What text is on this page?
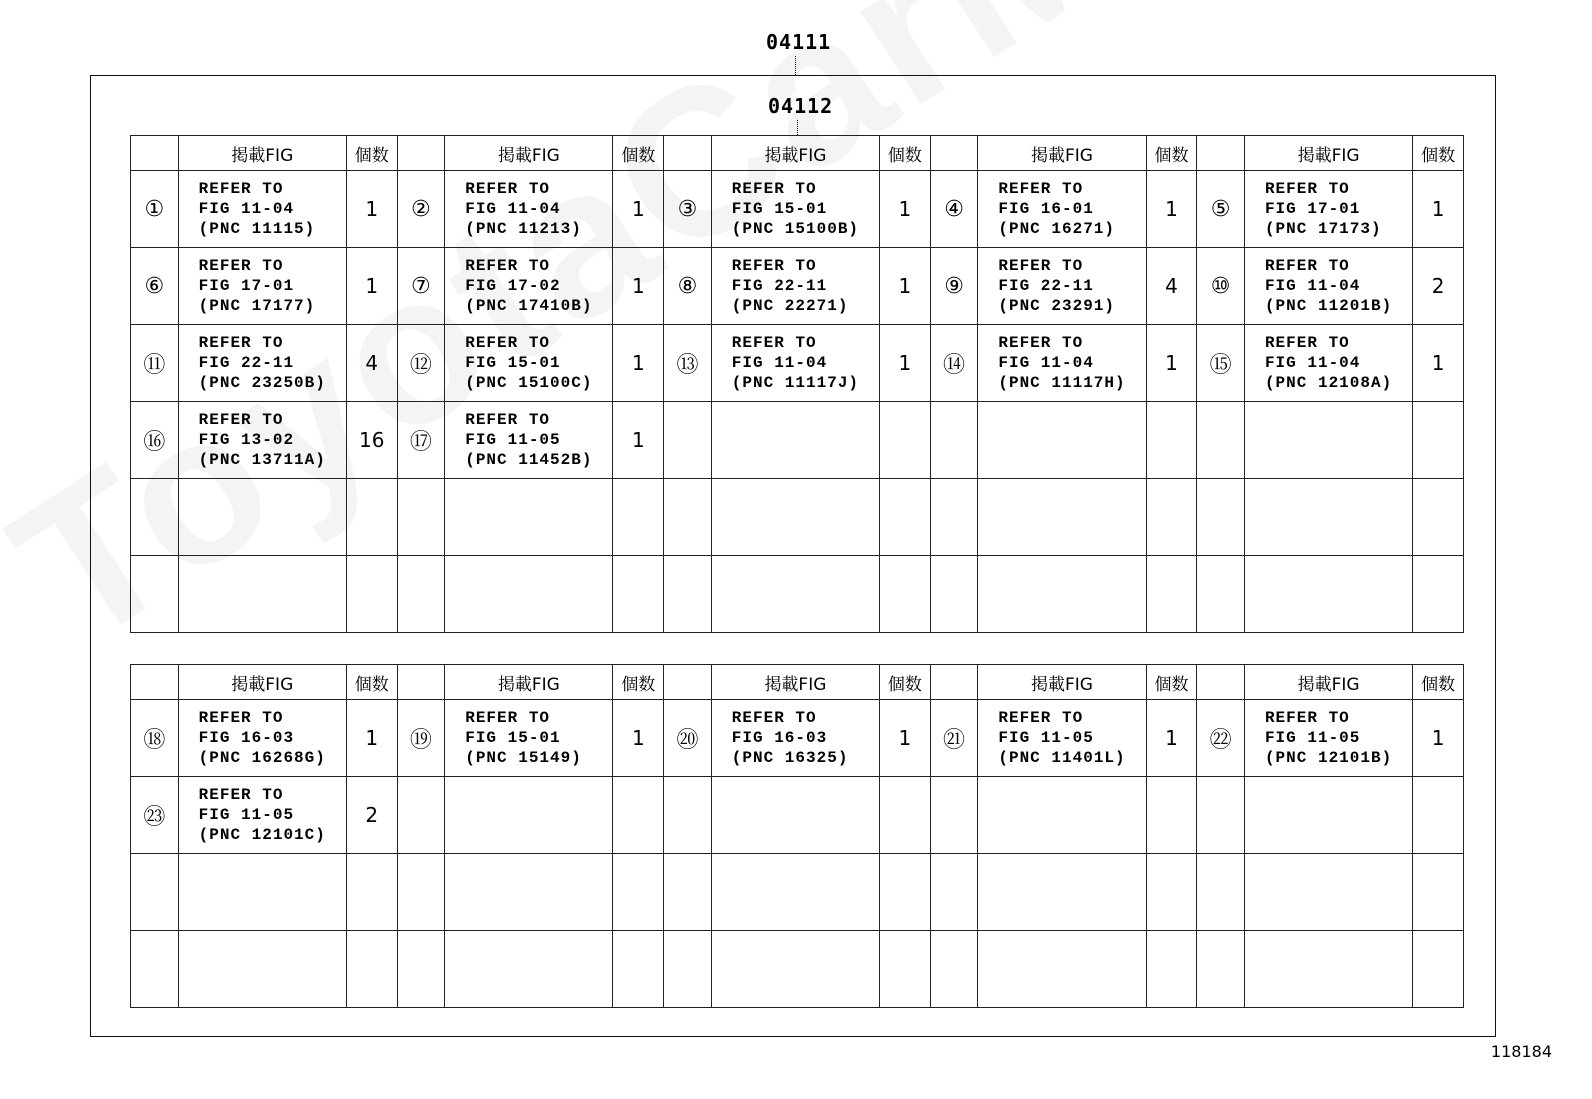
04111
04112
	掲載FIG	個数		掲載FIG	個数		掲載FIG	個数		掲載FIG	個数		掲載FIG	個数
①	REFER TO
FIG 11-04
(PNC 11115)	1	②	REFER TO
FIG 11-04
(PNC 11213)	1	③	REFER TO
FIG 15-01
(PNC 15100B)	1	④	REFER TO
FIG 16-01
(PNC 16271)	1	⑤	REFER TO
FIG 17-01
(PNC 17173)	1
⑥	REFER TO
FIG 17-01
(PNC 17177)	1	⑦	REFER TO
FIG 17-02
(PNC 17410B)	1	⑧	REFER TO
FIG 22-11
(PNC 22271)	1	⑨	REFER TO
FIG 22-11
(PNC 23291)	4	⑩	REFER TO
FIG 11-04
(PNC 11201B)	2
⑪	REFER TO
FIG 22-11
(PNC 23250B)	4	⑫	REFER TO
FIG 15-01
(PNC 15100C)	1	⑬	REFER TO
FIG 11-04
(PNC 11117J)	1	⑭	REFER TO
FIG 11-04
(PNC 11117H)	1	⑮	REFER TO
FIG 11-04
(PNC 12108A)	1
⑯	REFER TO
FIG 13-02
(PNC 13711A)	16	⑰	REFER TO
FIG 11-05
(PNC 11452B)	1									

	掲載FIG	個数		掲載FIG	個数		掲載FIG	個数		掲載FIG	個数		掲載FIG	個数
⑱	REFER TO
FIG 16-03
(PNC 16268G)	1	⑲	REFER TO
FIG 15-01
(PNC 15149)	1	⑳	REFER TO
FIG 16-03
(PNC 16325)	1	㉑	REFER TO
FIG 11-05
(PNC 11401L)	1	㉒	REFER TO
FIG 11-05
(PNC 12101B)	1
㉓	REFER TO
FIG 11-05
(PNC 12101C)	2												

118184
